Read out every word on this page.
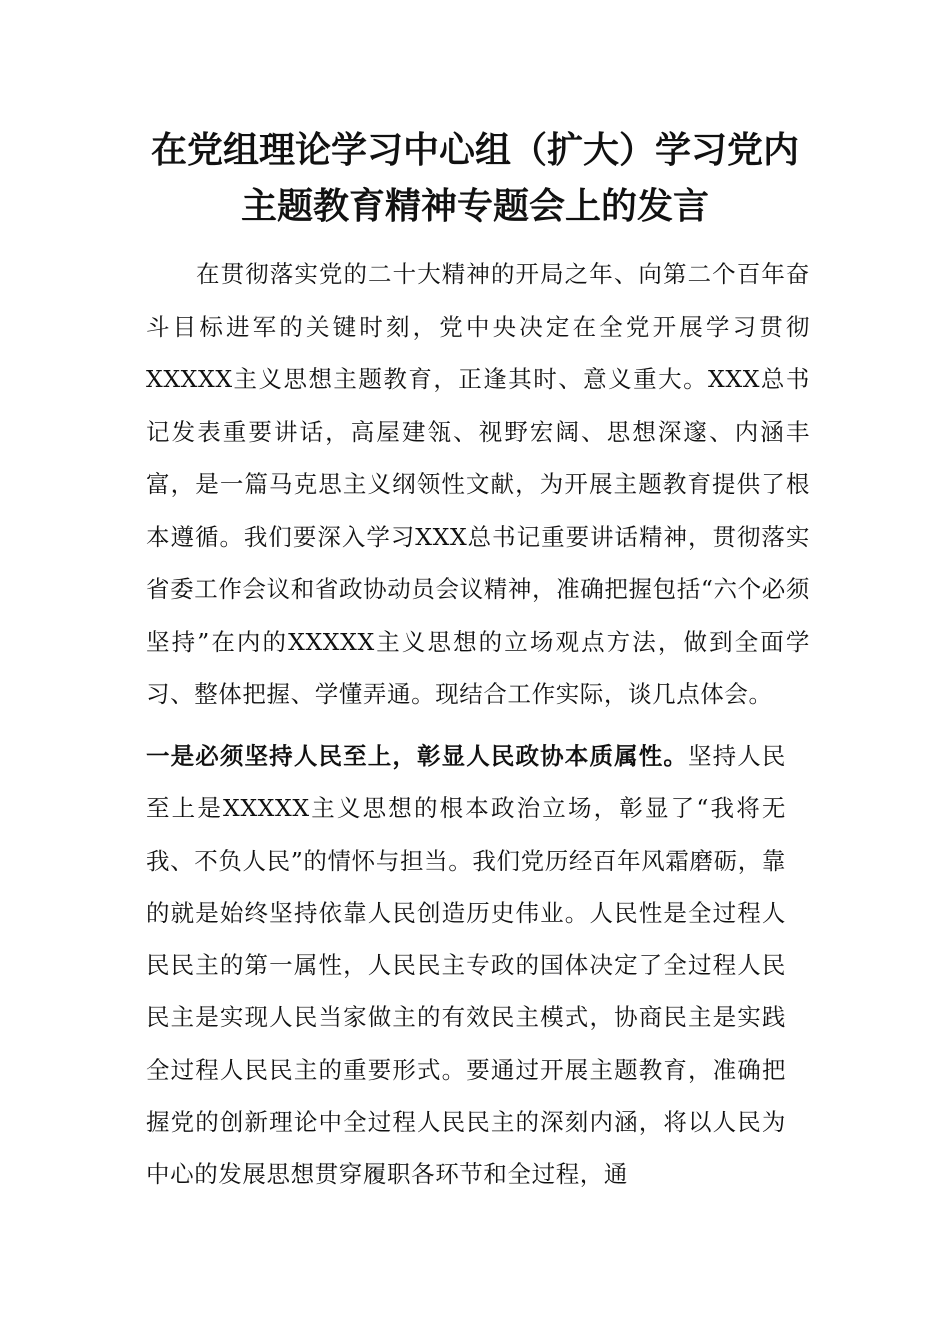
在党组理论学习中心组（扩大）学习党内
主题教育精神专题会上的发言

在贯彻落实党的二十大精神的开局之年、向第二个百年奋斗目标进军的关键时刻，党中央决定在全党开展学习贯彻XXXXX主义思想主题教育，正逢其时、意义重大。XXX总书记发表重要讲话，高屋建瓴、视野宏阔、思想深邃、内涵丰富，是一篇马克思主义纲领性文献，为开展主题教育提供了根本遵循。我们要深入学习XXX总书记重要讲话精神，贯彻落实省委工作会议和省政协动员会议精神，准确把握包括“六个必须坚持”在内的XXXXX主义思想的立场观点方法，做到全面学习、整体把握、学懂弄通。现结合工作实际，谈几点体会。

一是必须坚持人民至上，彰显人民政协本质属性。坚持人民至上是XXXXX主义思想的根本政治立场，彰显了“我将无我、不负人民”的情怀与担当。我们党历经百年风霜磨砺，靠的就是始终坚持依靠人民创造历史伟业。人民性是全过程人民民主的第一属性，人民民主专政的国体决定了全过程人民民主是实现人民当家做主的有效民主模式，协商民主是实践全过程人民民主的重要形式。要通过开展主题教育，准确把握党的创新理论中全过程人民民主的深刻内涵，将以人民为中心的发展思想贯穿履职各环节和全过程，通
